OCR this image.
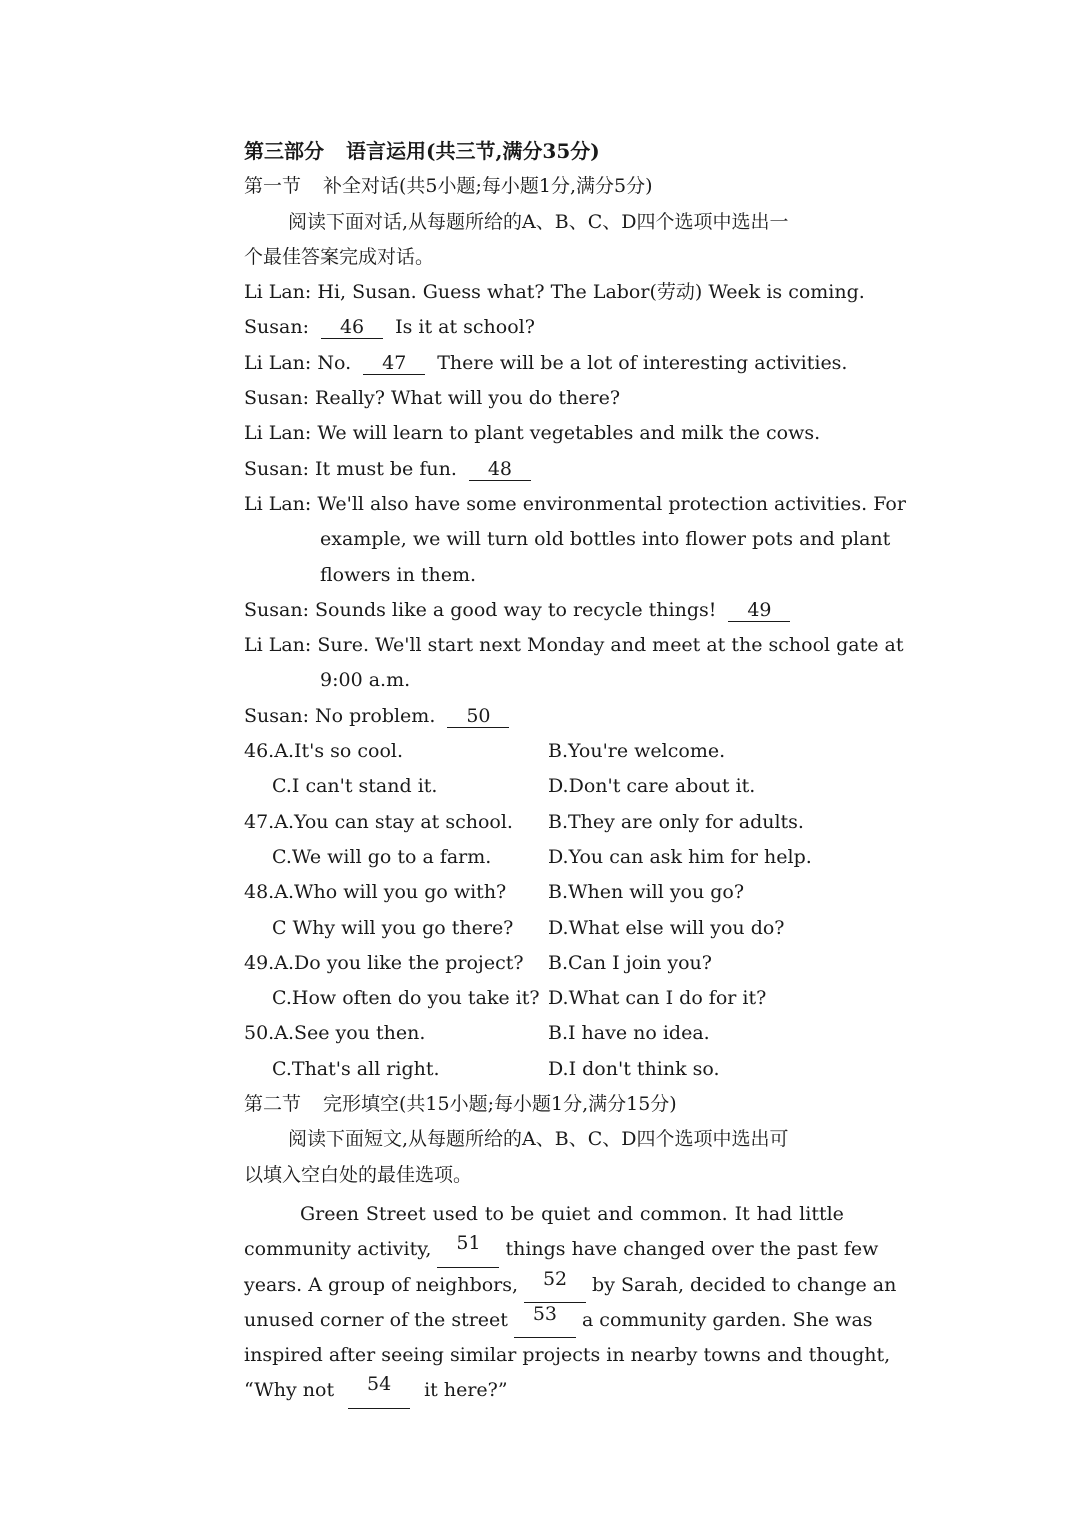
第三部分 语言运用(共三节,满分35分)
第一节 补全对话(共5小题;每小题1分,满分5分)
阅读下面对话,从每题所给的A、B、C、D四个选项中选出一
个最佳答案完成对话。
Li Lan: Hi, Susan. Guess what? The Labor(劳动) Week is coming.
Susan: 46 Is it at school?
Li Lan: No. 47 There will be a lot of interesting activities.
Susan: Really? What will you do there?
Li Lan: We will learn to plant vegetables and milk the cows.
Susan: It must be fun. 48
Li Lan: We'll also have some environmental protection activities. For
example, we will turn old bottles into flower pots and plant
flowers in them.
Susan: Sounds like a good way to recycle things! 49
Li Lan: Sure. We'll start next Monday and meet at the school gate at
9:00 a.m.
Susan: No problem. 50
46.A.It's so cool.	B.You're welcome.
C.I can't stand it.	D.Don't care about it.
47.A.You can stay at school. B.They are only for adults.
C.We will go to a farm.	D.You can ask him for help.
48.A.Who will you go with? B.When will you go?
C Why will you go there? D.What else will you do?
49.A.Do you like the project? B.Can I join you?
C.How often do you take it? D.What can I do for it?
50.A.See you then.	B.I have no idea.
C.That's all right.	D.I don't think so.
第二节 完形填空(共15小题;每小题1分,满分15分)
阅读下面短文,从每题所给的A、B、C、D四个选项中选出可
以填入空白处的最佳选项。
Green Street used to be quiet and common. It had little
community activity,	51	things have changed over the past few
years. A group of neighbors,	52	by Sarah, decided to change an
unused corner of the street	53	a community garden. She was
inspired after seeing similar projects in nearby towns and thought,
“Why not	54	it here?”
